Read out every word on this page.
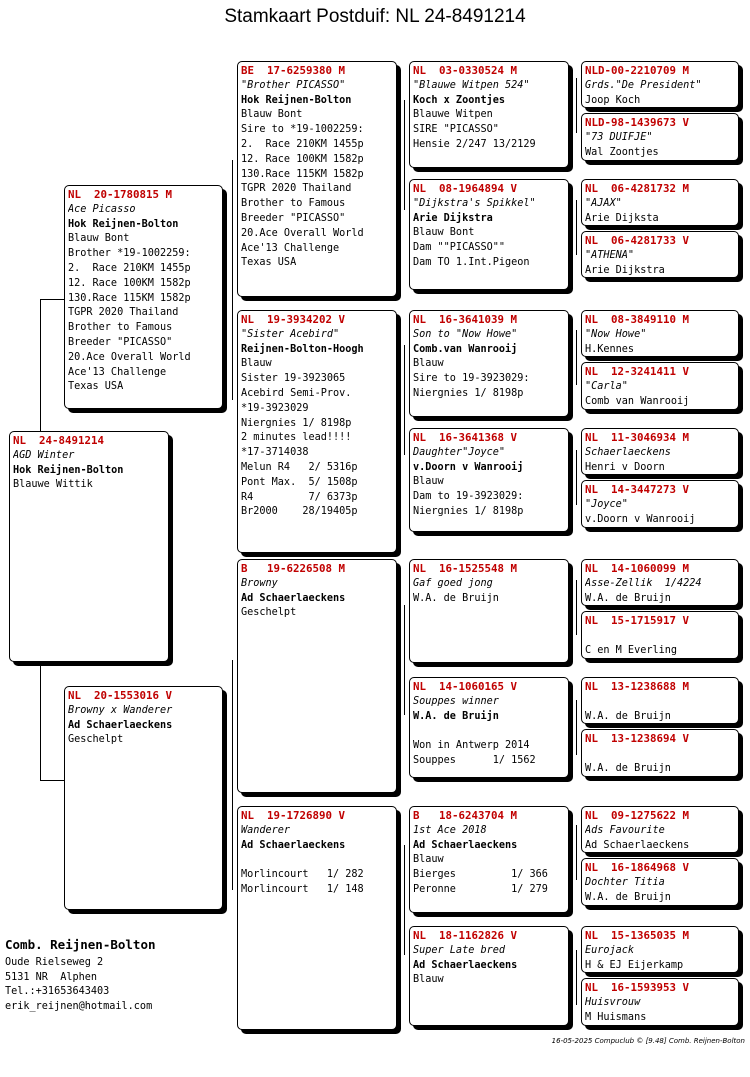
Stamkaart Postduif: NL 24-8491214
NL  24-8491214
AGD Winter
Hok Reijnen-Bolton
Blauwe Wittik
NL  20-1780815 M
Ace Picasso
Hok Reijnen-Bolton
Blauw Bont
Brother *19-1002259:
2.  Race 210KM 1455p
12. Race 100KM 1582p
130.Race 115KM 1582p
TGPR 2020 Thailand
Brother to Famous
Breeder "PICASSO"
20.Ace Overall World
Ace'13 Challenge
Texas USA
NL  20-1553016 V
Browny x Wanderer
Ad Schaerlaeckens
Geschelpt
BE  17-6259380 M
"Brother PICASSO"
Hok Reijnen-Bolton
Blauw Bont
Sire to *19-1002259:
2.  Race 210KM 1455p
12. Race 100KM 1582p
130.Race 115KM 1582p
TGPR 2020 Thailand
Brother to Famous
Breeder "PICASSO"
20.Ace Overall World
Ace'13 Challenge
Texas USA
NL  19-3934202 V
"Sister Acebird"
Reijnen-Bolton-Hoogh
Blauw
Sister 19-3923065
Acebird Semi-Prov.
*19-3923029
Niergnies 1/ 8198p
2 minutes lead!!!!
*17-3714038
Melun R4   2/ 5316p
Pont Max.  5/ 1508p
R4         7/ 6373p
Br2000    28/19405p
B   19-6226508 M
Browny
Ad Schaerlaeckens
Geschelpt
NL  19-1726890 V
Wanderer
Ad Schaerlaeckens
Morlincourt   1/ 282
Morlincourt   1/ 148
NL  03-0330524 M
"Blauwe Witpen 524"
Koch x Zoontjes
Blauwe Witpen
SIRE "PICASSO"
Hensie 2/247 13/2129
NL  08-1964894 V
"Dijkstra's Spikkel"
Arie Dijkstra
Blauw Bont
Dam ""PICASSO""
Dam TO 1.Int.Pigeon
NL  16-3641039 M
Son to "Now Howe"
Comb.van Wanrooij
Blauw
Sire to 19-3923029:
Niergnies 1/ 8198p
NL  16-3641368 V
Daughter"Joyce"
v.Doorn v Wanrooij
Blauw
Dam to 19-3923029:
Niergnies 1/ 8198p
NL  16-1525548 M
Gaf goed jong
W.A. de Bruijn
NL  14-1060165 V
Souppes winner
W.A. de Bruijn
Won in Antwerp 2014
Souppes      1/ 1562
B   18-6243704 M
1st Ace 2018
Ad Schaerlaeckens
Blauw
Bierges         1/ 366
Peronne         1/ 279
NL  18-1162826 V
Super Late bred
Ad Schaerlaeckens
Blauw
NLD-00-2210709 M
Grds."De President"
Joop Koch
NLD-98-1439673 V
"73 DUIFJE"
Wal Zoontjes
NL  06-4281732 M
"AJAX"
Arie Dijksta
NL  06-4281733 V
"ATHENA"
Arie Dijkstra
NL  08-3849110 M
"Now Howe"
H.Kennes
NL  12-3241411 V
"Carla"
Comb van Wanrooij
NL  11-3046934 M
Schaerlaeckens
Henri v Doorn
NL  14-3447273 V
"Joyce"
v.Doorn v Wanrooij
NL  14-1060099 M
Asse-Zellik  1/4224
W.A. de Bruijn
NL  15-1715917 V
C en M Everling
NL  13-1238688 M
W.A. de Bruijn
NL  13-1238694 V
W.A. de Bruijn
NL  09-1275622 M
Ads Favourite
Ad Schaerlaeckens
NL  16-1864968 V
Dochter Titia
W.A. de Bruijn
NL  15-1365035 M
Eurojack
H & EJ Eijerkamp
NL  16-1593953 V
Huisvrouw
M Huismans
Comb. Reijnen-Bolton
Oude Rielseweg 2
5131 NR  Alphen
Tel.:+31653643403
erik_reijnen@hotmail.com
16-05-2025 Compuclub © [9.48] Comb. Reijnen-Bolton
